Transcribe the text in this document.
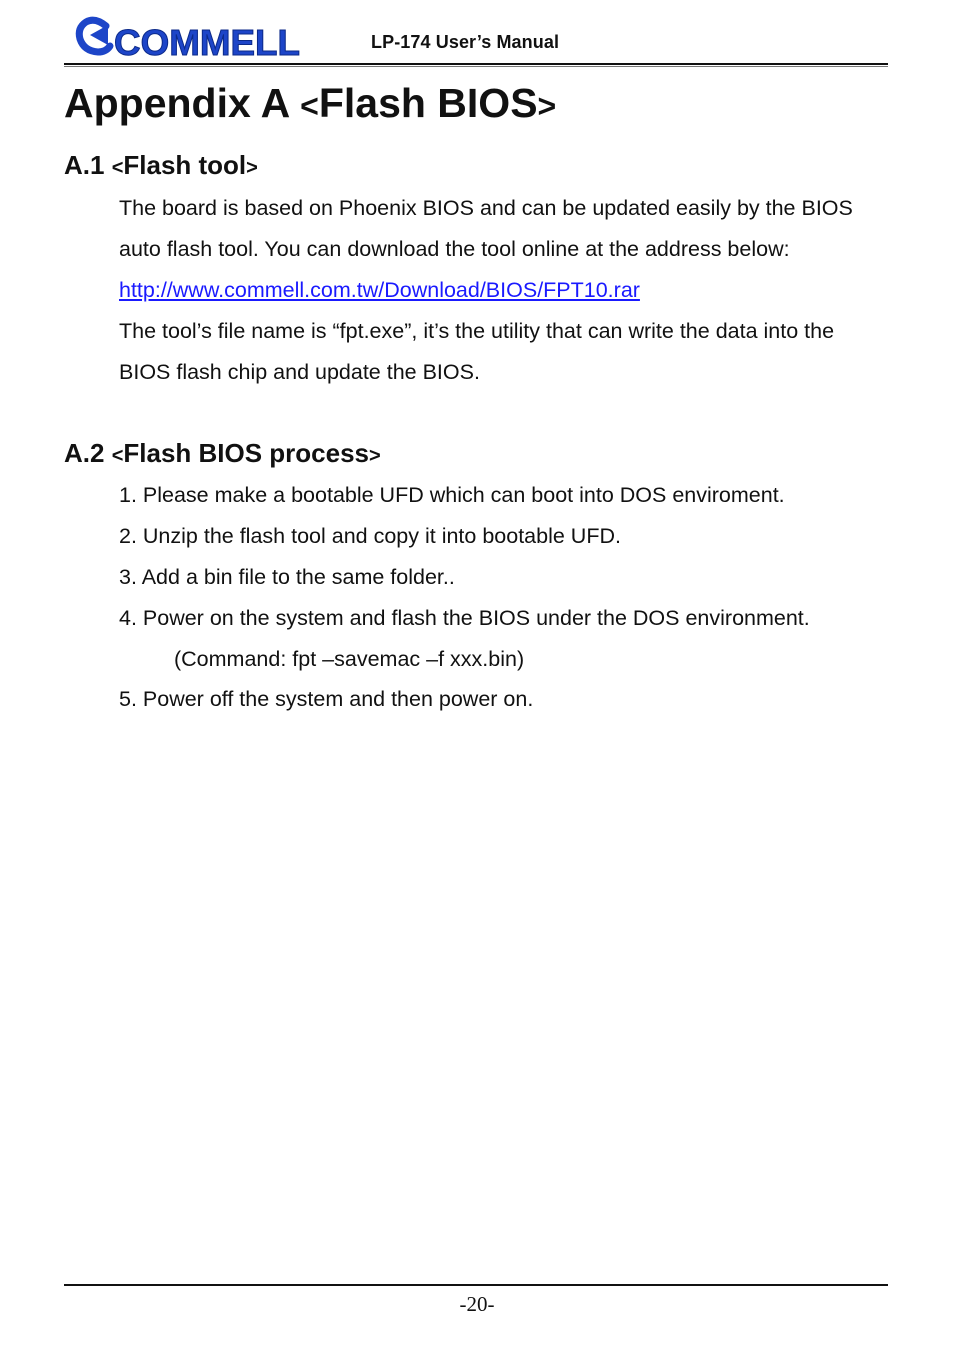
COMMELL	LP-174 User’s Manual
Appendix A <Flash BIOS>
A.1 <Flash tool>
The board is based on Phoenix BIOS and can be updated easily by the BIOS
auto flash tool. You can download the tool online at the address below:
http://www.commell.com.tw/Download/BIOS/FPT10.rar
The tool’s file name is “fpt.exe”, it’s the utility that can write the data into the
BIOS flash chip and update the BIOS.
A.2 <Flash BIOS process>
1. Please make a bootable UFD which can boot into DOS enviroment.
2. Unzip the flash tool and copy it into bootable UFD.
3. Add a bin file to the same folder..
4. Power on the system and flash the BIOS under the DOS environment.
(Command: fpt –savemac –f xxx.bin)
5. Power off the system and then power on.
-20-
